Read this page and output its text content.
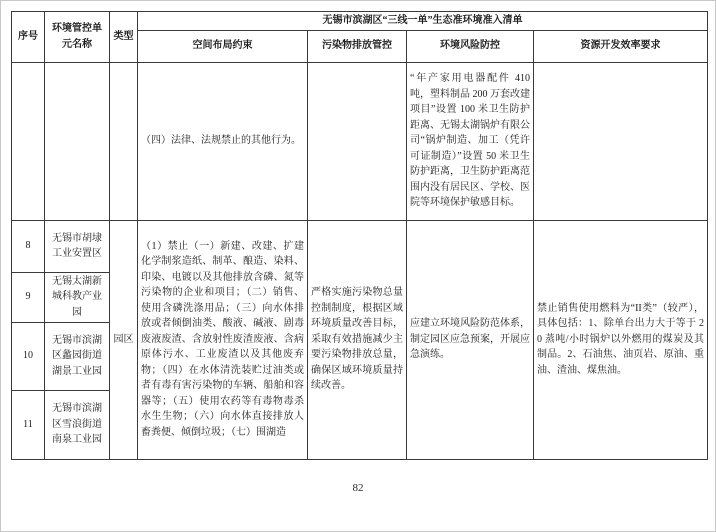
序号	环境管控单元名称	类型	无锡市滨湖区“三线一单”生态准环境准入清单			
			空间布局约束	污染物排放管控	环境风险防控	资源开发效率要求
			（四）法律、法规禁止的其他行为。		“年产家用电器配件 410 吨，塑料制品 200 万套改建项目”设置 100 米卫生防护距离、无锡太湖锅炉有限公司“锅炉制造、加工（凭许可证制造）”设置 50 米卫生防护距离，卫生防护距离范围内没有居民区、学校、医院等环境保护敏感目标。	
8	无锡市胡埭工业安置区	园区	（1）禁止（一）新建、改建、扩建化学制浆造纸、制革、酿造、染料、印染、电镀以及其他排放含磷、氮等污染物的企业和项目；（二）销售、使用含磷洗涤用品；（三）向水体排放或者倾倒油类、酸液、碱液、剧毒废液废渣、含放射性废渣废液、含病原体污水、工业废渣以及其他废弃物；（四）在水体清洗装贮过油类或者有毒有害污染物的车辆、船舶和容器等；（五）使用农药等有毒物毒杀水生生物；（六）向水体直接排放人畜粪便、倾倒垃圾；（七）围湖造	严格实施污染物总量控制制度，根据区域环境质量改善目标，采取有效措施减少主要污染物排放总量，确保区域环境质量持续改善。	应建立环境风险防范体系，制定园区应急预案，开展应急演练。	禁止销售使用燃料为“II类”（较严），具体包括：1、除单台出力大于等于 20 蒸吨/小时锅炉以外燃用的煤炭及其制品。2、石油焦、油页岩、原油、重油、渣油、煤焦油。
9	无锡太湖新城科教产业园					
10	无锡市滨湖区蠡园街道湖景工业园					
11	无锡市滨湖区雪浪街道南泉工业园					
82
